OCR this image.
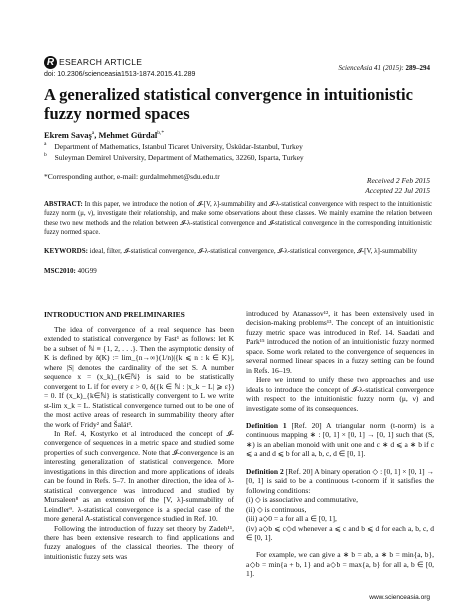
R ESEARCH ARTICLE
doi: 10.2306/scienceasia1513-1874.2015.41.289
ScienceAsia 41 (2015): 289–294
A generalized statistical convergence in intuitionistic fuzzy normed spaces
Ekrem Savaş$^a$, Mehmet Gürdal$^{b,*}$
$^a$ Department of Mathematics, Istanbul Ticaret University, Üsküdar-Istanbul, Turkey
$^b$ Suleyman Demirel University, Department of Mathematics, 32260, Isparta, Turkey
*Corresponding author, e-mail: gurdalmehmet@sdu.edu.tr	Received 2 Feb 2015
Accepted 22 Jul 2015
ABSTRACT: In this paper, we introduce the notion of 𝓘-[V, λ]-summability and 𝓘-λ-statistical convergence with respect to the intuitionistic fuzzy norm (μ, ν), investigate their relationship, and make some observations about these classes. We mainly examine the relation between these two new methods and the relation between 𝓘-λ-statistical convergence and 𝓘-statistical convergence in the corresponding intuitionistic fuzzy normed space.
KEYWORDS: ideal, filter, 𝓘-statistical convergence, 𝓘-λ-statistical convergence, 𝓘-λ-statistical convergence, 𝓘-[V, λ]-summability
MSC2010: 40G99
INTRODUCTION AND PRELIMINARIES

The idea of convergence of a real sequence has been extended to statistical convergence by Fast¹ as follows: let K be a subset of ℕ ≡ {1, 2, . . .}. Then the asymptotic density of K is defined by δ(K) := lim_{n→∞}(1/n)|{k ⩽ n : k ∈ K}|, where |S| denotes the cardinality of the set S. A number sequence x = (x_k)_{k∈ℕ} is said to be statistically convergent to L if for every ε > 0, δ({k ∈ ℕ : |x_k − L| ⩾ ε}) = 0. If (x_k)_{k∈ℕ} is statistically convergent to L we write st-lim x_k = L. Statistical convergence turned out to be one of the most active areas of research in summability theory after the work of Fridy² and Šalát³.

In Ref. 4, Kostyrko et al introduced the concept of 𝓘-convergence of sequences in a metric space and studied some properties of such convergence. Note that 𝓘-convergence is an interesting generalization of statistical convergence. More investigations in this direction and more applications of ideals can be found in Refs. 5–7. In another direction, the idea of λ-statistical convergence was introduced and studied by Mursaleen⁸ as an extension of the [V, λ]-summability of Leindler⁹. λ-statistical convergence is a special case of the more general A-statistical convergence studied in Ref. 10.

Following the introduction of fuzzy set theory by Zadeh¹¹, there has been extensive research to find applications and fuzzy analogues of the classical theories. The theory of intuitionistic fuzzy sets was

introduced by Atanassov¹², it has been extensively used in decision-making problems¹³. The concept of an intuitionistic fuzzy metric space was introduced in Ref. 14. Saadati and Park¹⁵ introduced the notion of an intuitionistic fuzzy normed space. Some work related to the convergence of sequences in several normed linear spaces in a fuzzy setting can be found in Refs. 16–19.

Here we intend to unify these two approaches and use ideals to introduce the concept of 𝓘-λ-statistical convergence with respect to the intuitionistic fuzzy norm (μ, ν) and investigate some of its consequences.

Definition 1 [Ref. 20] A triangular norm (t-norm) is a continuous mapping ∗ : [0, 1] × [0, 1] → [0, 1] such that (S, ∗) is an abelian monoid with unit one and c ∗ d ⩽ a ∗ b if c ⩽ a and d ⩽ b for all a, b, c, d ∈ [0, 1].

Definition 2 [Ref. 20] A binary operation ◇ : [0, 1] × [0, 1] → [0, 1] is said to be a continuous t-conorm if it satisfies the following conditions:

(i) ◇ is associative and commutative,

(ii) ◇ is continuous,

(iii) a◇0 = a for all a ∈ [0, 1],

(iv) a◇b ⩽ c◇d whenever a ⩽ c and b ⩽ d for each a, b, c, d ∈ [0, 1].

For example, we can give a ∗ b = ab, a ∗ b = min{a, b}, a◇b = min{a + b, 1} and a◇b = max{a, b} for all a, b ∈ [0, 1].

www.scienceasia.org
